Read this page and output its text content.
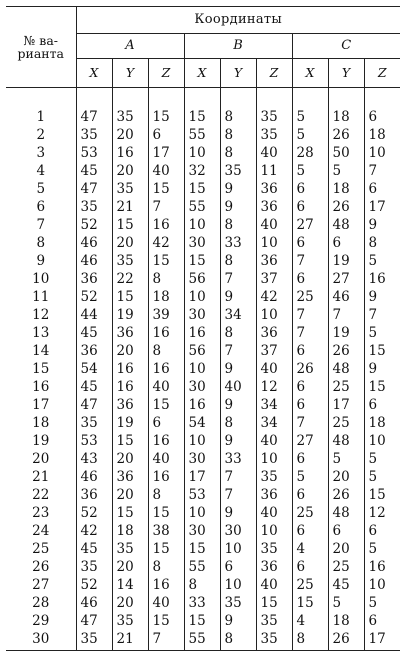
№ ва-
рианта	Координаты								
	A			B			C		
	X	Y	Z	X	Y	Z	X	Y	Z

1	47	35	15	15	8	35	5	18	6
2	35	20	6	55	8	35	5	26	18
3	53	16	17	10	8	40	28	50	10
4	45	20	40	32	35	11	5	5	7
5	47	35	15	15	9	36	6	18	6
6	35	21	7	55	9	36	6	26	17
7	52	15	16	10	8	40	27	48	9
8	46	20	42	30	33	10	6	6	8
9	46	35	15	15	8	36	7	19	5
10	36	22	8	56	7	37	6	27	16
11	52	15	18	10	9	42	25	46	9
12	44	19	39	30	34	10	7	7	7
13	45	36	16	16	8	36	7	19	5
14	36	20	8	56	7	37	6	26	15
15	54	16	16	10	9	40	26	48	9
16	45	16	40	30	40	12	6	25	15
17	47	36	15	16	9	34	6	17	6
18	35	19	6	54	8	34	7	25	18
19	53	15	16	10	9	40	27	48	10
20	43	20	40	30	33	10	6	5	5
21	46	36	16	17	7	35	5	20	5
22	36	20	8	53	7	36	6	26	15
23	52	15	15	10	9	40	25	48	12
24	42	18	38	30	30	10	6	6	6
25	45	35	15	15	10	35	4	20	5
26	35	20	8	55	6	36	6	25	16
27	52	14	16	8	10	40	25	45	10
28	46	20	40	33	35	15	15	5	5
29	47	35	15	15	9	35	4	18	6
30	35	21	7	55	8	35	8	26	17
